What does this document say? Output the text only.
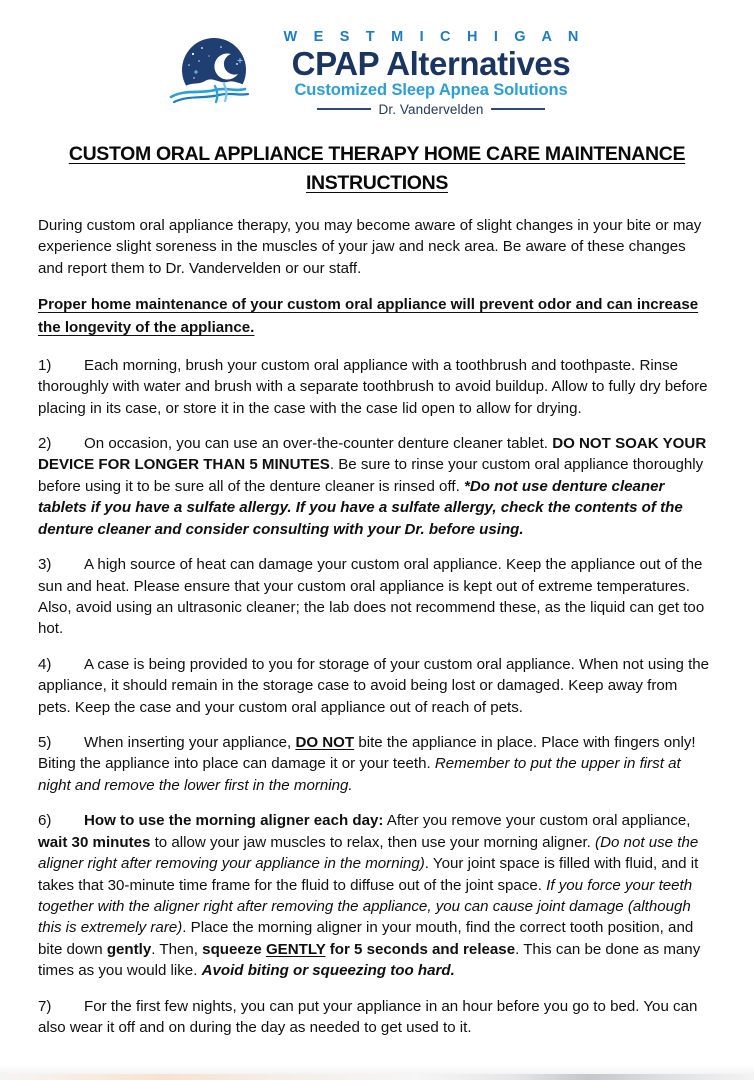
W E S T M I C H I G A N
CPAP Alternatives
Customized Sleep Apnea Solutions
Dr. Vandervelden
CUSTOM ORAL APPLIANCE THERAPY HOME CARE MAINTENANCE
INSTRUCTIONS

During custom oral appliance therapy, you may become aware of slight changes in your bite or may experience slight soreness in the muscles of your jaw and neck area. Be aware of these changes and report them to Dr. Vandervelden or our staff.

Proper home maintenance of your custom oral appliance will prevent odor and can increase the longevity of the appliance.

1) Each morning, brush your custom oral appliance with a toothbrush and toothpaste. Rinse thoroughly with water and brush with a separate toothbrush to avoid buildup. Allow to fully dry before placing in its case, or store it in the case with the case lid open to allow for drying.

2) On occasion, you can use an over-the-counter denture cleaner tablet. DO NOT SOAK YOUR DEVICE FOR LONGER THAN 5 MINUTES. Be sure to rinse your custom oral appliance thoroughly before using it to be sure all of the denture cleaner is rinsed off. *Do not use denture cleaner tablets if you have a sulfate allergy. If you have a sulfate allergy, check the contents of the denture cleaner and consider consulting with your Dr. before using.

3) A high source of heat can damage your custom oral appliance. Keep the appliance out of the sun and heat. Please ensure that your custom oral appliance is kept out of extreme temperatures. Also, avoid using an ultrasonic cleaner; the lab does not recommend these, as the liquid can get too hot.

4) A case is being provided to you for storage of your custom oral appliance. When not using the appliance, it should remain in the storage case to avoid being lost or damaged. Keep away from pets. Keep the case and your custom oral appliance out of reach of pets.

5) When inserting your appliance, DO NOT bite the appliance in place. Place with fingers only! Biting the appliance into place can damage it or your teeth. Remember to put the upper in first at night and remove the lower first in the morning.

6) How to use the morning aligner each day: After you remove your custom oral appliance, wait 30 minutes to allow your jaw muscles to relax, then use your morning aligner. (Do not use the aligner right after removing your appliance in the morning). Your joint space is filled with fluid, and it takes that 30-minute time frame for the fluid to diffuse out of the joint space. If you force your teeth together with the aligner right after removing the appliance, you can cause joint damage (although this is extremely rare). Place the morning aligner in your mouth, find the correct tooth position, and bite down gently. Then, squeeze GENTLY for 5 seconds and release. This can be done as many times as you would like. Avoid biting or squeezing too hard.

7) For the first few nights, you can put your appliance in an hour before you go to bed. You can also wear it off and on during the day as needed to get used to it.
